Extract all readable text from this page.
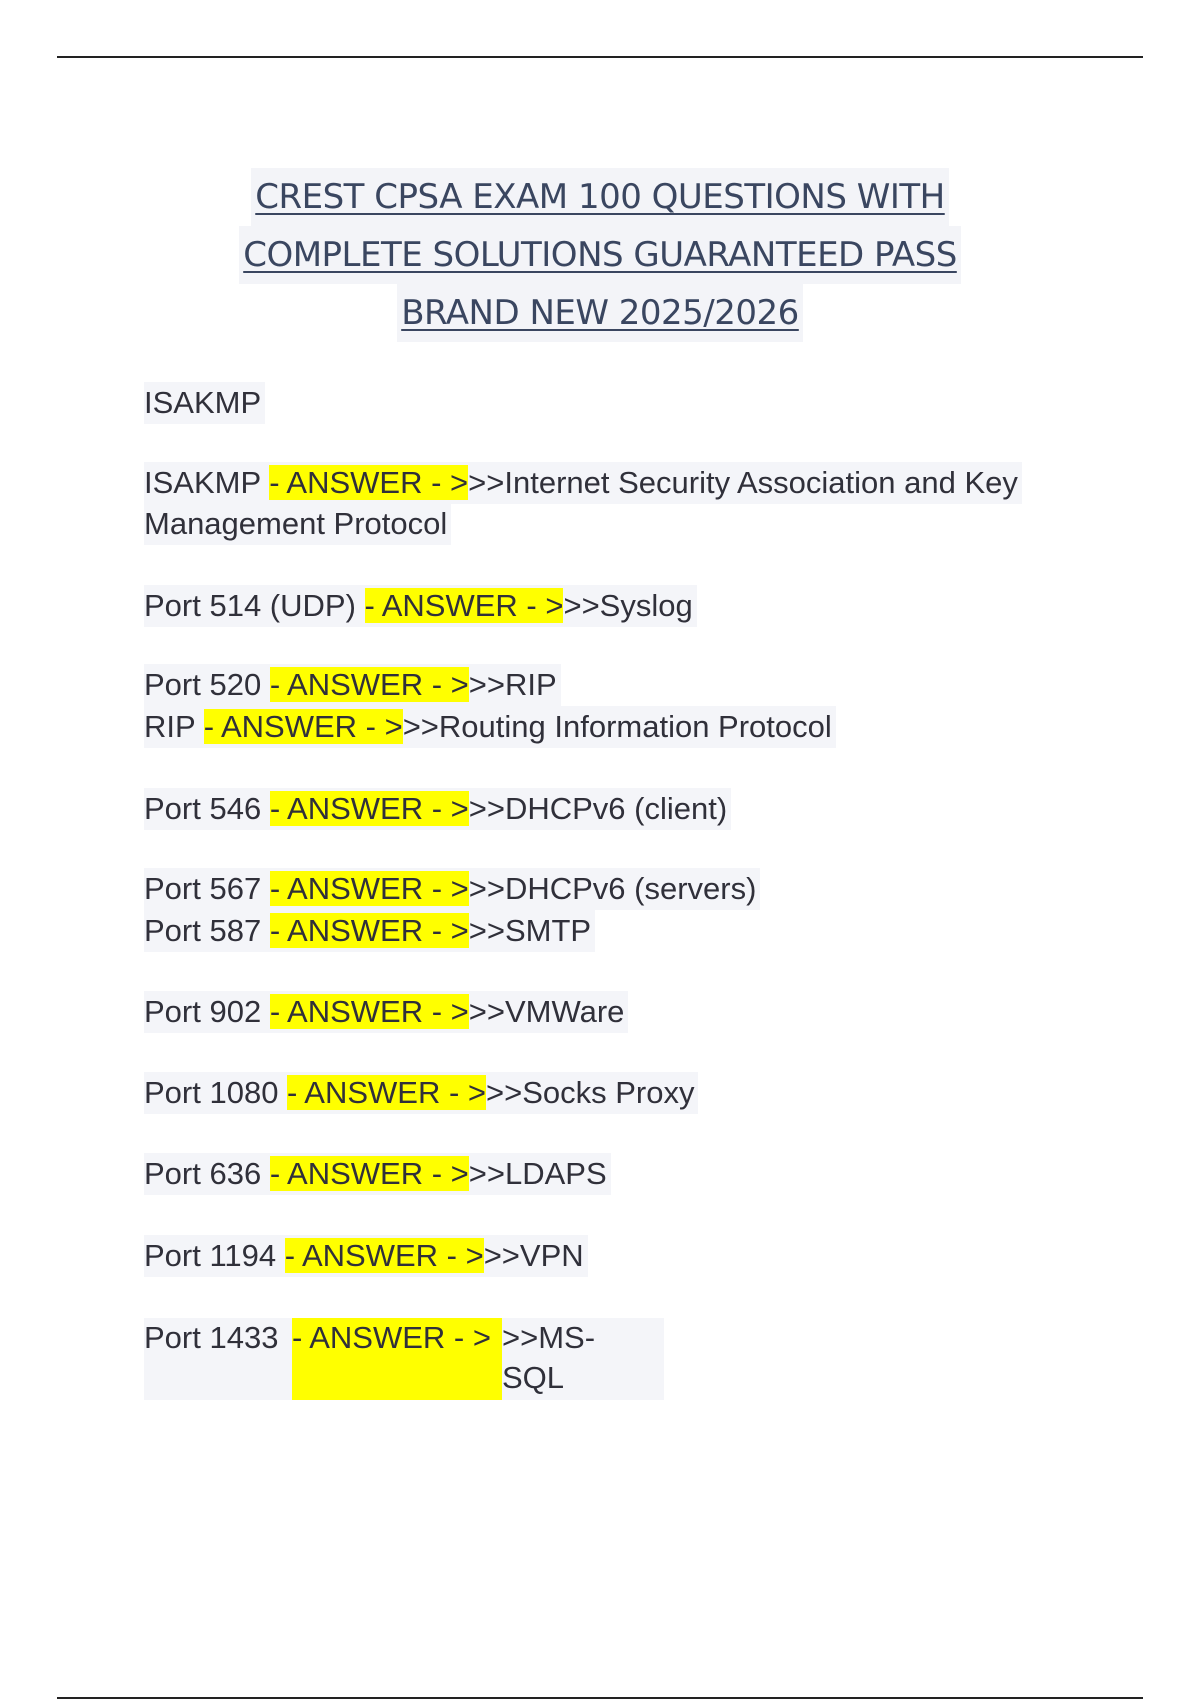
CREST CPSA EXAM 100 QUESTIONS WITH
COMPLETE SOLUTIONS GUARANTEED PASS
BRAND NEW 2025/2026
ISAKMP
ISAKMP - ANSWER - >>>Internet Security Association and Key
Management Protocol
Port 514 (UDP) - ANSWER - >>>Syslog
Port 520 - ANSWER - >>>RIP
RIP - ANSWER - >>>Routing Information Protocol
Port 546 - ANSWER - >>>DHCPv6 (client)
Port 567 - ANSWER - >>>DHCPv6 (servers)
Port 587 - ANSWER - >>>SMTP
Port 902 - ANSWER - >>>VMWare
Port 1080 - ANSWER - >>>Socks Proxy
Port 636 - ANSWER - >>>LDAPS
Port 1194 - ANSWER - >>>VPN
Port 1433 - ANSWER - > >>MS-
SQL
